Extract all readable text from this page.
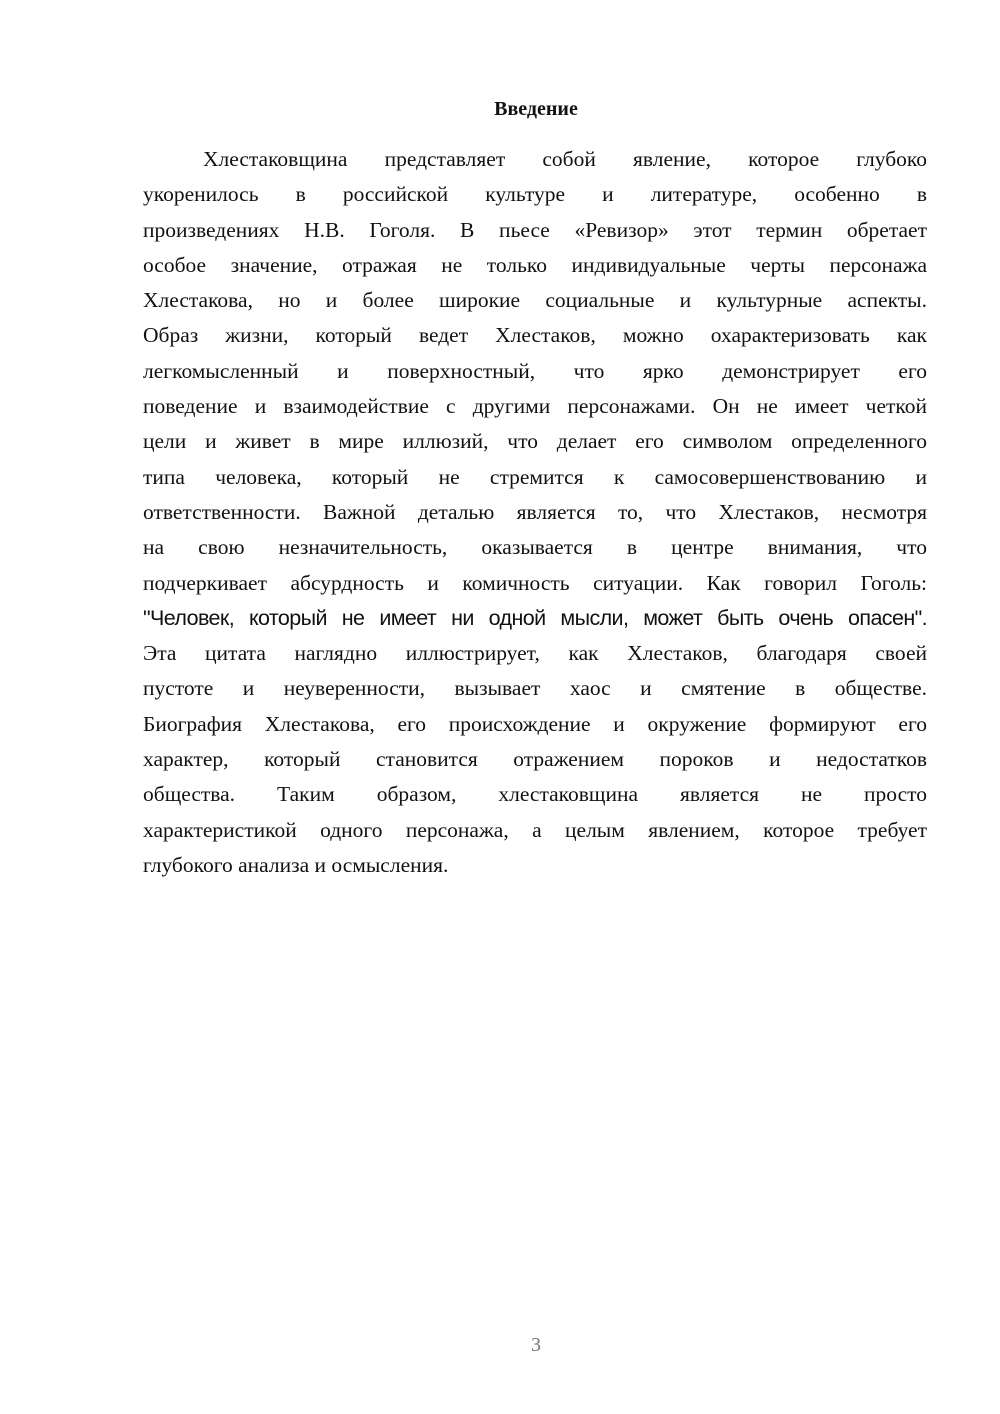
Введение
Хлестаковщина представляет собой явление, которое глубоко
укоренилось в российской культуре и литературе, особенно в
произведениях Н.В. Гоголя. В пьесе «Ревизор» этот термин обретает
особое значение, отражая не только индивидуальные черты персонажа
Хлестакова, но и более широкие социальные и культурные аспекты.
Образ жизни, который ведет Хлестаков, можно охарактеризовать как
легкомысленный и поверхностный, что ярко демонстрирует его
поведение и взаимодействие с другими персонажами. Он не имеет четкой
цели и живет в мире иллюзий, что делает его символом определенного
типа человека, который не стремится к самосовершенствованию и
ответственности. Важной деталью является то, что Хлестаков, несмотря
на свою незначительность, оказывается в центре внимания, что
подчеркивает абсурдность и комичность ситуации. Как говорил Гоголь:
"Человек, который не имеет ни одной мысли, может быть очень опасен".
Эта цитата наглядно иллюстрирует, как Хлестаков, благодаря своей
пустоте и неуверенности, вызывает хаос и смятение в обществе.
Биография Хлестакова, его происхождение и окружение формируют его
характер, который становится отражением пороков и недостатков
общества. Таким образом, хлестаковщина является не просто
характеристикой одного персонажа, а целым явлением, которое требует
глубокого анализа и осмысления.
3
